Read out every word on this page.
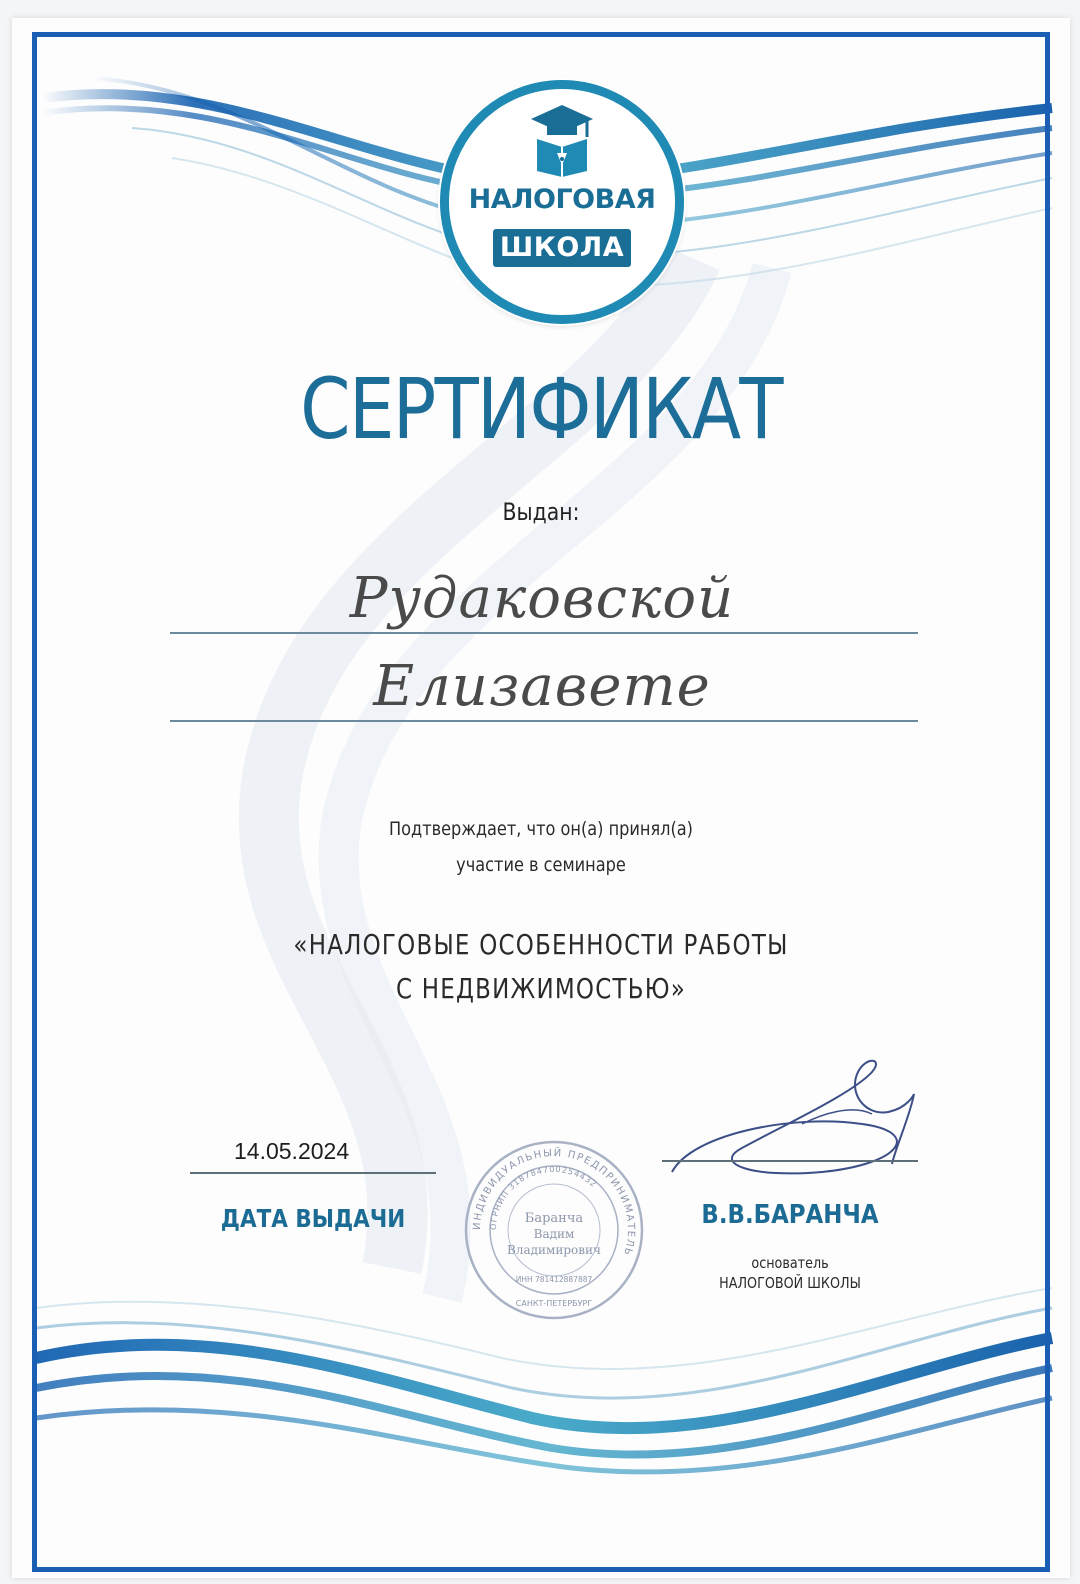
НАЛОГОВАЯ
ШКОЛА
СЕРТИФИКАТ
Выдан:
Рудаковской
Елизавете
Подтверждает, что он(а) принял(а)
участие в семинаре
«НАЛОГОВЫЕ ОСОБЕННОСТИ РАБОТЫ
С НЕДВИЖИМОСТЬЮ»
14.05.2024
ДАТА ВЫДАЧИ	ИНДИВИДУАЛЬНЫЙ ПРЕДПРИНИМАТЕЛЬ
ОГРНИП 318784700254432
Баранча
Вадим
Владимирович
ИНН 781412887887
САНКТ-ПЕТЕРБУРГ
В.В.БАРАНЧА
основатель
НАЛОГОВОЙ ШКОЛЫ
